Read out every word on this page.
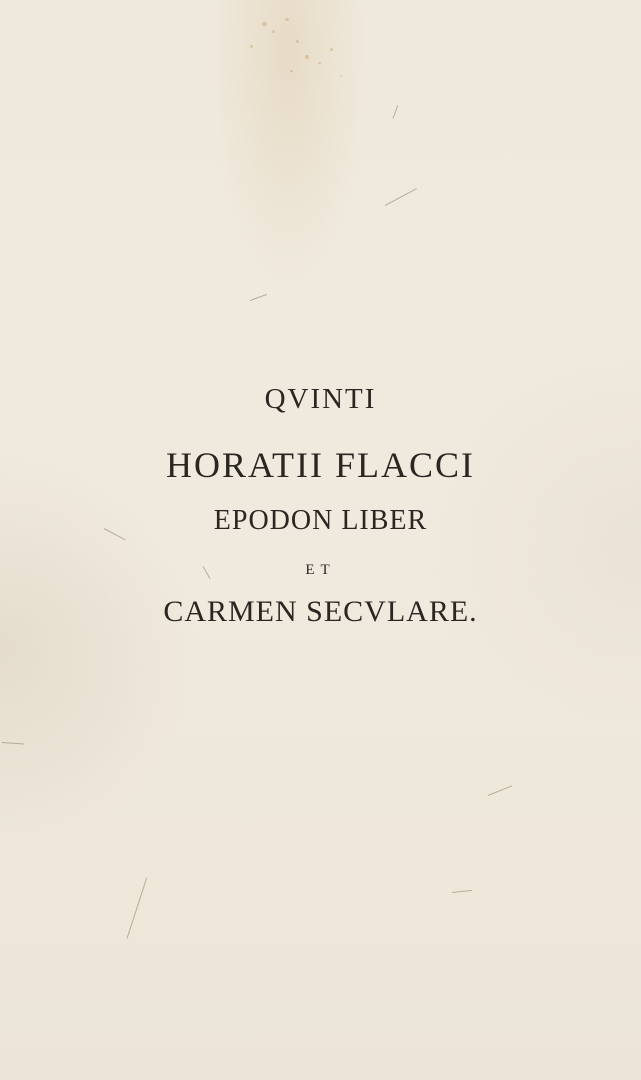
QVINTI
HORATII FLACCI
EPODON LIBER
ET
CARMEN SECVLARE.
